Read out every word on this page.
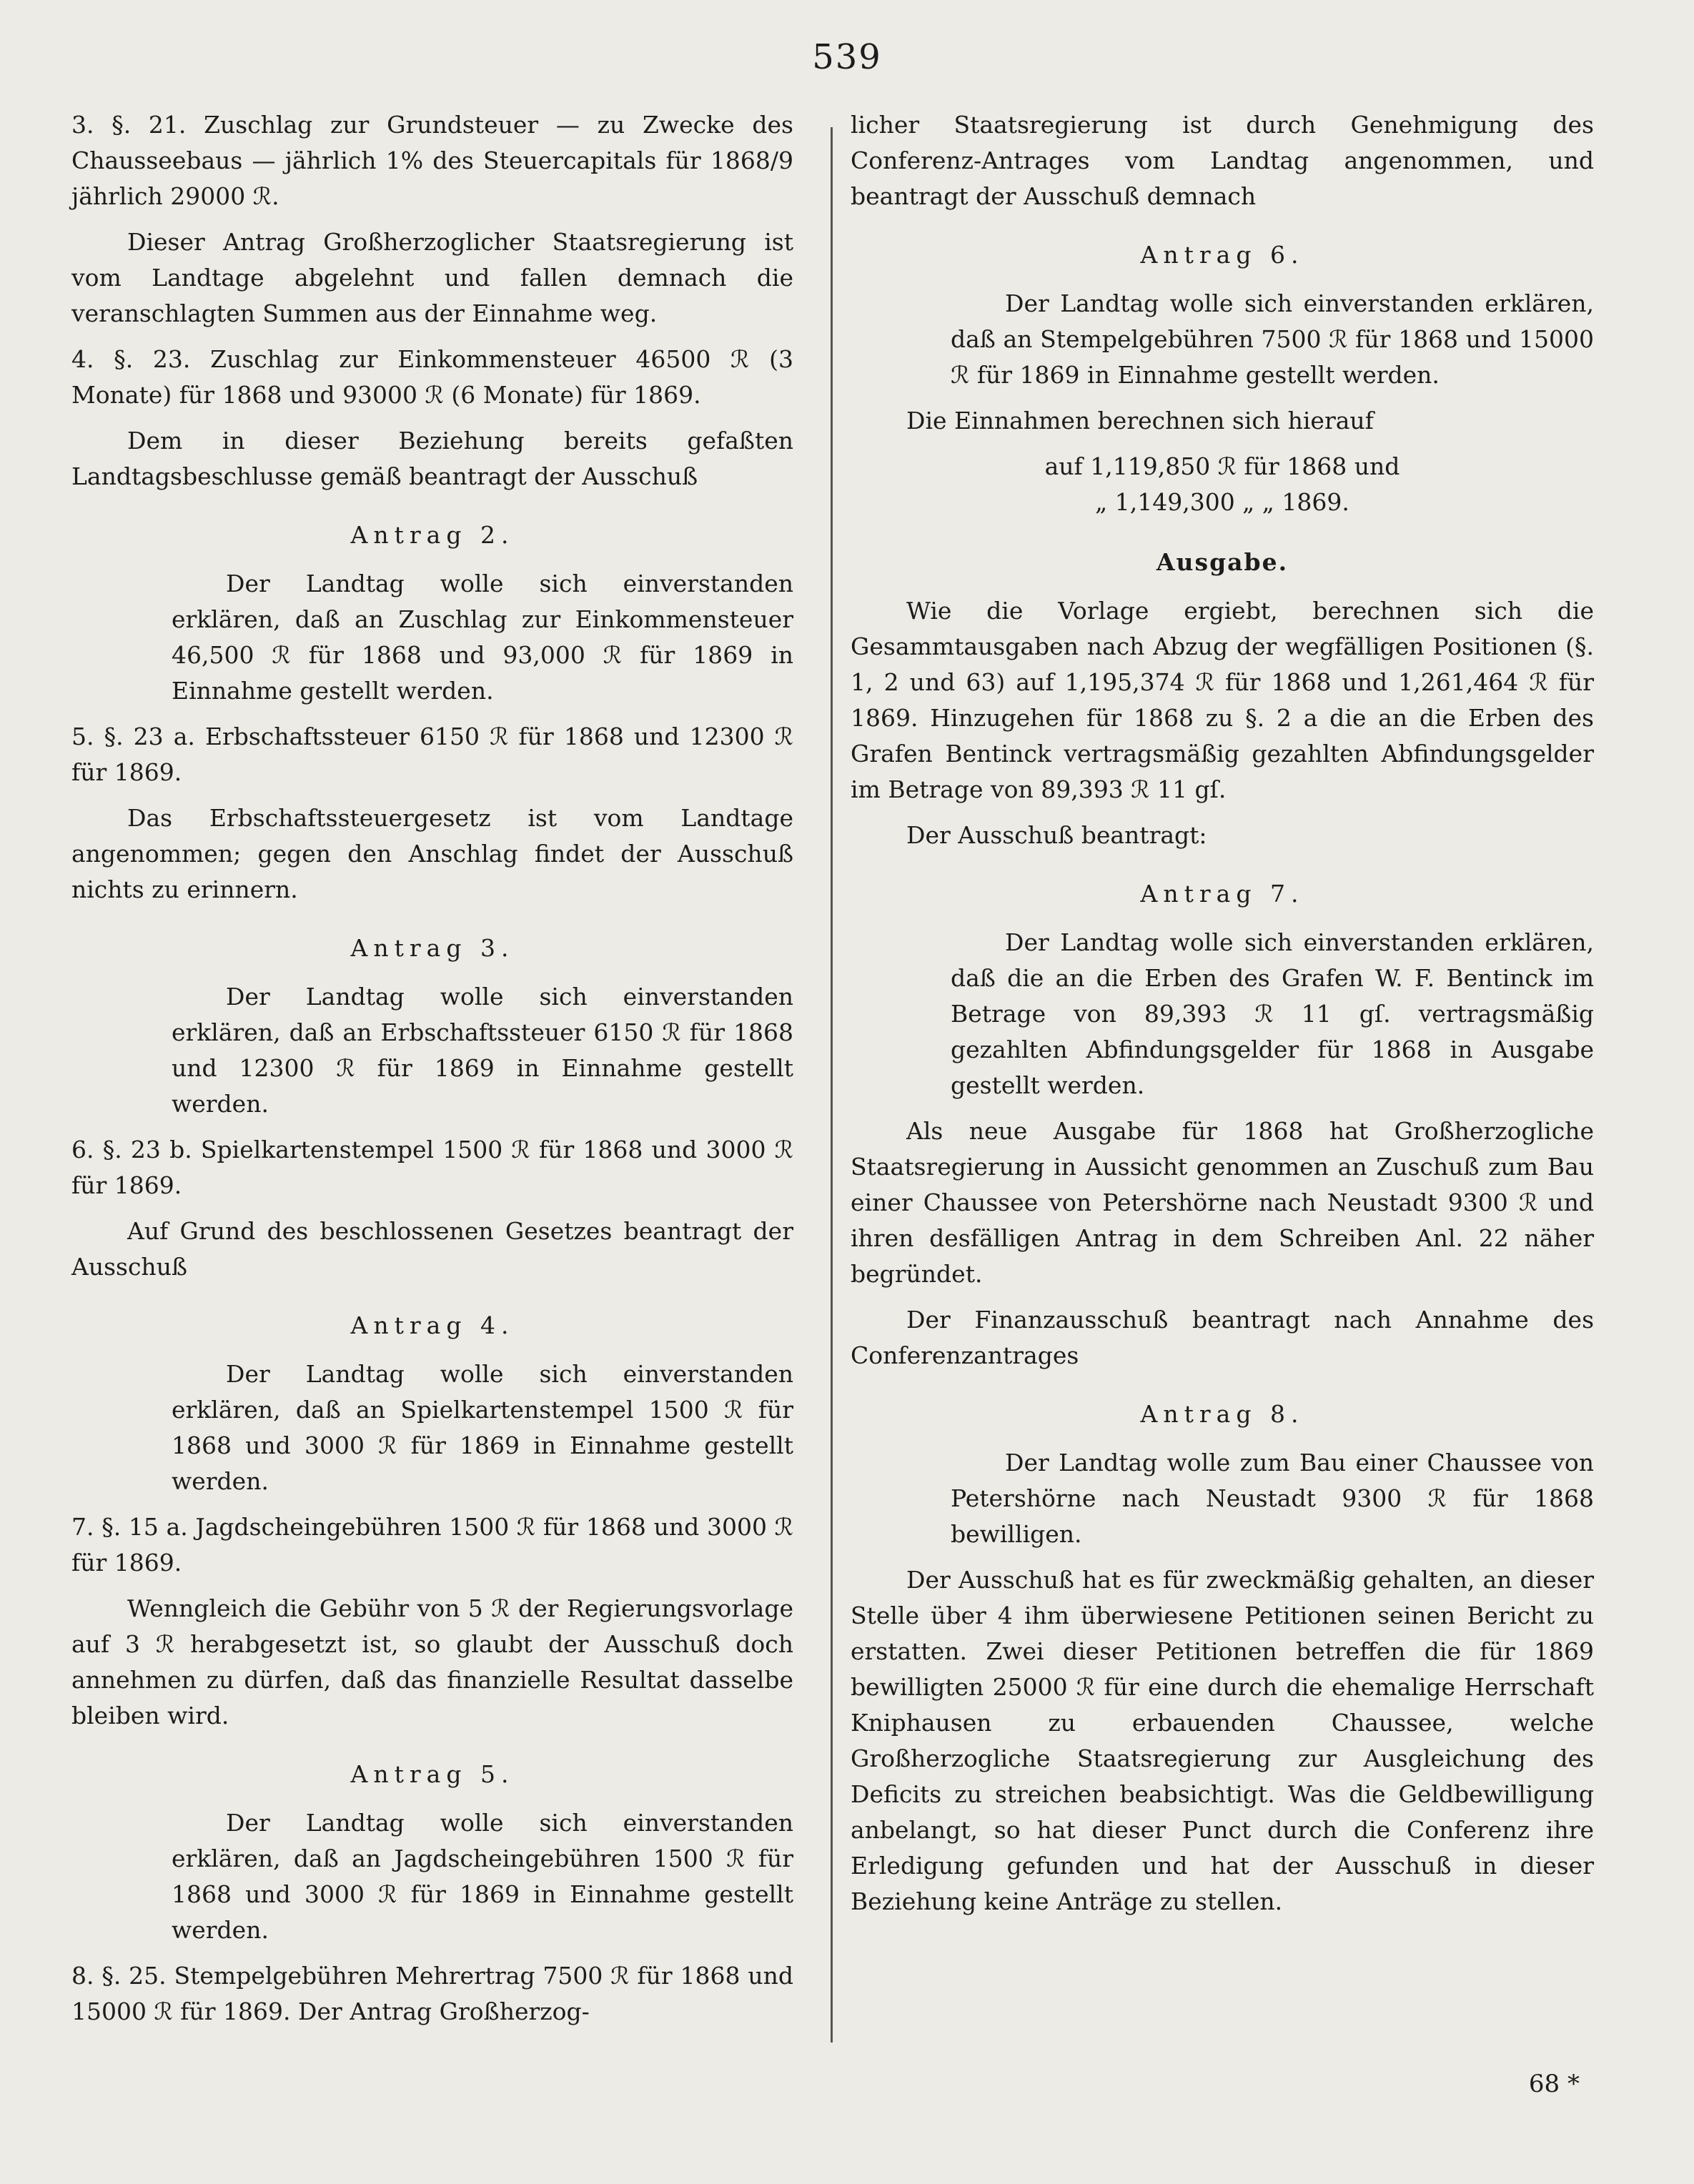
539

3. §. 21. Zuschlag zur Grundsteuer — zu Zwecke des Chausseebaus — jährlich 1% des Steuercapitals für 1868/9 jährlich 29000 ℛ.

Dieser Antrag Großherzoglicher Staatsregierung ist vom Landtage abgelehnt und fallen demnach die veranschlagten Summen aus der Einnahme weg.

4. §. 23. Zuschlag zur Einkommensteuer 46500 ℛ (3 Monate) für 1868 und 93000 ℛ (6 Monate) für 1869.

Dem in dieser Beziehung bereits gefaßten Landtagsbeschlusse gemäß beantragt der Ausschuß

Antrag 2.

Der Landtag wolle sich einverstanden erklären, daß an Zuschlag zur Einkommensteuer 46,500 ℛ für 1868 und 93,000 ℛ für 1869 in Einnahme gestellt werden.

5. §. 23 a. Erbschaftssteuer 6150 ℛ für 1868 und 12300 ℛ für 1869.

Das Erbschaftssteuergesetz ist vom Landtage angenommen; gegen den Anschlag findet der Ausschuß nichts zu erinnern.

Antrag 3.

Der Landtag wolle sich einverstanden erklären, daß an Erbschaftssteuer 6150 ℛ für 1868 und 12300 ℛ für 1869 in Einnahme gestellt werden.

6. §. 23 b. Spielkartenstempel 1500 ℛ für 1868 und 3000 ℛ für 1869.

Auf Grund des beschlossenen Gesetzes beantragt der Ausschuß

Antrag 4.

Der Landtag wolle sich einverstanden erklären, daß an Spielkartenstempel 1500 ℛ für 1868 und 3000 ℛ für 1869 in Einnahme gestellt werden.

7. §. 15 a. Jagdscheingebühren 1500 ℛ für 1868 und 3000 ℛ für 1869.

Wenngleich die Gebühr von 5 ℛ der Regierungsvorlage auf 3 ℛ herabgesetzt ist, so glaubt der Ausschuß doch annehmen zu dürfen, daß das finanzielle Resultat dasselbe bleiben wird.

Antrag 5.

Der Landtag wolle sich einverstanden erklären, daß an Jagdscheingebühren 1500 ℛ für 1868 und 3000 ℛ für 1869 in Einnahme gestellt werden.

8. §. 25. Stempelgebühren Mehrertrag 7500 ℛ für 1868 und 15000 ℛ für 1869. Der Antrag Großherzog-

licher Staatsregierung ist durch Genehmigung des Conferenz-Antrages vom Landtag angenommen, und beantragt der Ausschuß demnach

Antrag 6.

Der Landtag wolle sich einverstanden erklären, daß an Stempelgebühren 7500 ℛ für 1868 und 15000 ℛ für 1869 in Einnahme gestellt werden.

Die Einnahmen berechnen sich hierauf

auf 1,119,850 ℛ für 1868 und

„ 1,149,300 „ „ 1869.

Ausgabe.

Wie die Vorlage ergiebt, berechnen sich die Gesammtausgaben nach Abzug der wegfälligen Positionen (§. 1, 2 und 63) auf 1,195,374 ℛ für 1868 und 1,261,464 ℛ für 1869. Hinzugehen für 1868 zu §. 2 a die an die Erben des Grafen Bentinck vertragsmäßig gezahlten Abfindungsgelder im Betrage von 89,393 ℛ 11 gſ.

Der Ausschuß beantragt:

Antrag 7.

Der Landtag wolle sich einverstanden erklären, daß die an die Erben des Grafen W. F. Bentinck im Betrage von 89,393 ℛ 11 gſ. vertragsmäßig gezahlten Abfindungsgelder für 1868 in Ausgabe gestellt werden.

Als neue Ausgabe für 1868 hat Großherzogliche Staatsregierung in Aussicht genommen an Zuschuß zum Bau einer Chaussee von Petershörne nach Neustadt 9300 ℛ und ihren desfälligen Antrag in dem Schreiben Anl. 22 näher begründet.

Der Finanzausschuß beantragt nach Annahme des Conferenzantrages

Antrag 8.

Der Landtag wolle zum Bau einer Chaussee von Petershörne nach Neustadt 9300 ℛ für 1868 bewilligen.

Der Ausschuß hat es für zweckmäßig gehalten, an dieser Stelle über 4 ihm überwiesene Petitionen seinen Bericht zu erstatten. Zwei dieser Petitionen betreffen die für 1869 bewilligten 25000 ℛ für eine durch die ehemalige Herrschaft Kniphausen zu erbauenden Chaussee, welche Großherzogliche Staatsregierung zur Ausgleichung des Deficits zu streichen beabsichtigt. Was die Geldbewilligung anbelangt, so hat dieser Punct durch die Conferenz ihre Erledigung gefunden und hat der Ausschuß in dieser Beziehung keine Anträge zu stellen.

68 *
